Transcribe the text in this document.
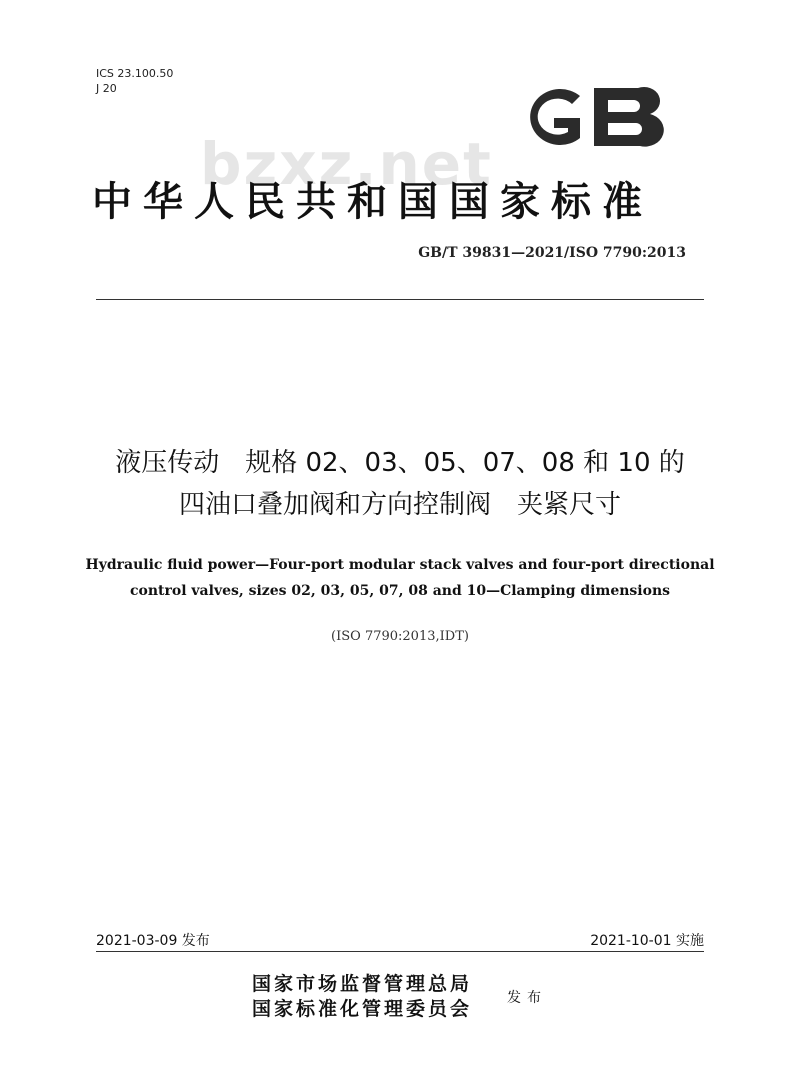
ICS 23.100.50
J 20
bzxz.net
中华人民共和国国家标准
GB/T 39831—2021/ISO 7790:2013
液压传动　规格 02、03、05、07、08 和 10 的
四油口叠加阀和方向控制阀　夹紧尺寸
Hydraulic fluid power—Four-port modular stack valves and four-port directional
control valves, sizes 02, 03, 05, 07, 08 and 10—Clamping dimensions
(ISO 7790:2013,IDT)
2021-03-09 发布	2021-10-01 实施
国家市场监督管理总局
国家标准化管理委员会 发布
